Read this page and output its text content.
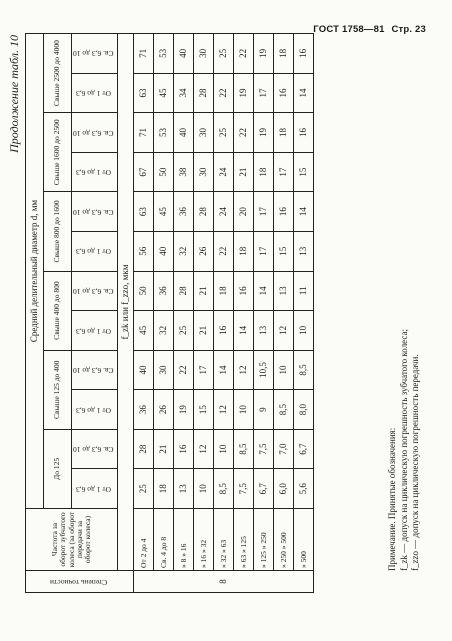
ГОСТ 1758—81 Стр. 23
Продолжение табл. 10
Степень точности	Частота за оборот зубчатого колеса (за оборот передачи за оборот колеса)	Средний делительный диаметр d, мм											
		До 125		Свыше 125 до 400		Свыше 400 до 800		Свыше 800 до 1600		Свыше 1600 до 2500		Свыше 2500 до 4000	
		От 1 до 6,3	Св. 6,3 до 10	От 1 до 6,3	Св. 6,3 до 10	От 1 до 6,3	Св. 6,3 до 10	От 1 до 6,3	Св. 6,3 до 10	От 1 до 6,3	Св. 6,3 до 10	От 1 до 6,3	Св. 6,3 до 10
	f_zk или f_zzo, мкм												
8	От 2 до 4	25	28	36	40	45	50	56	63	67	71	63	71
	Св. 4 до 8	18	21	26	30	32	36	40	45	50	53	45	53
	» 8 » 16	13	16	19	22	25	28	32	36	38	40	34	40
	» 16 » 32	10	12	15	17	21	21	26	28	30	30	28	30
	» 32 » 63	8,5	10	12	14	16	18	22	24	24	25	22	25
	» 63 » 125	7,5	8,5	10	12	14	16	18	20	21	22	19	22
	» 125 » 250	6,7	7,5	9	10,5	13	14	17	17	18	19	17	19
	» 250 » 500	6,0	7,0	8,5	10	12	13	15	16	17	18	16	18
	» 500	5,6	6,7	8,0	8,5	10	11	13	14	15	16	14	16
Примечание. Принятые обозначения: f_zk — допуск на циклическую погрешность зубчатого колеса; f_zzo — допуск на циклическую погрешность передачи.
